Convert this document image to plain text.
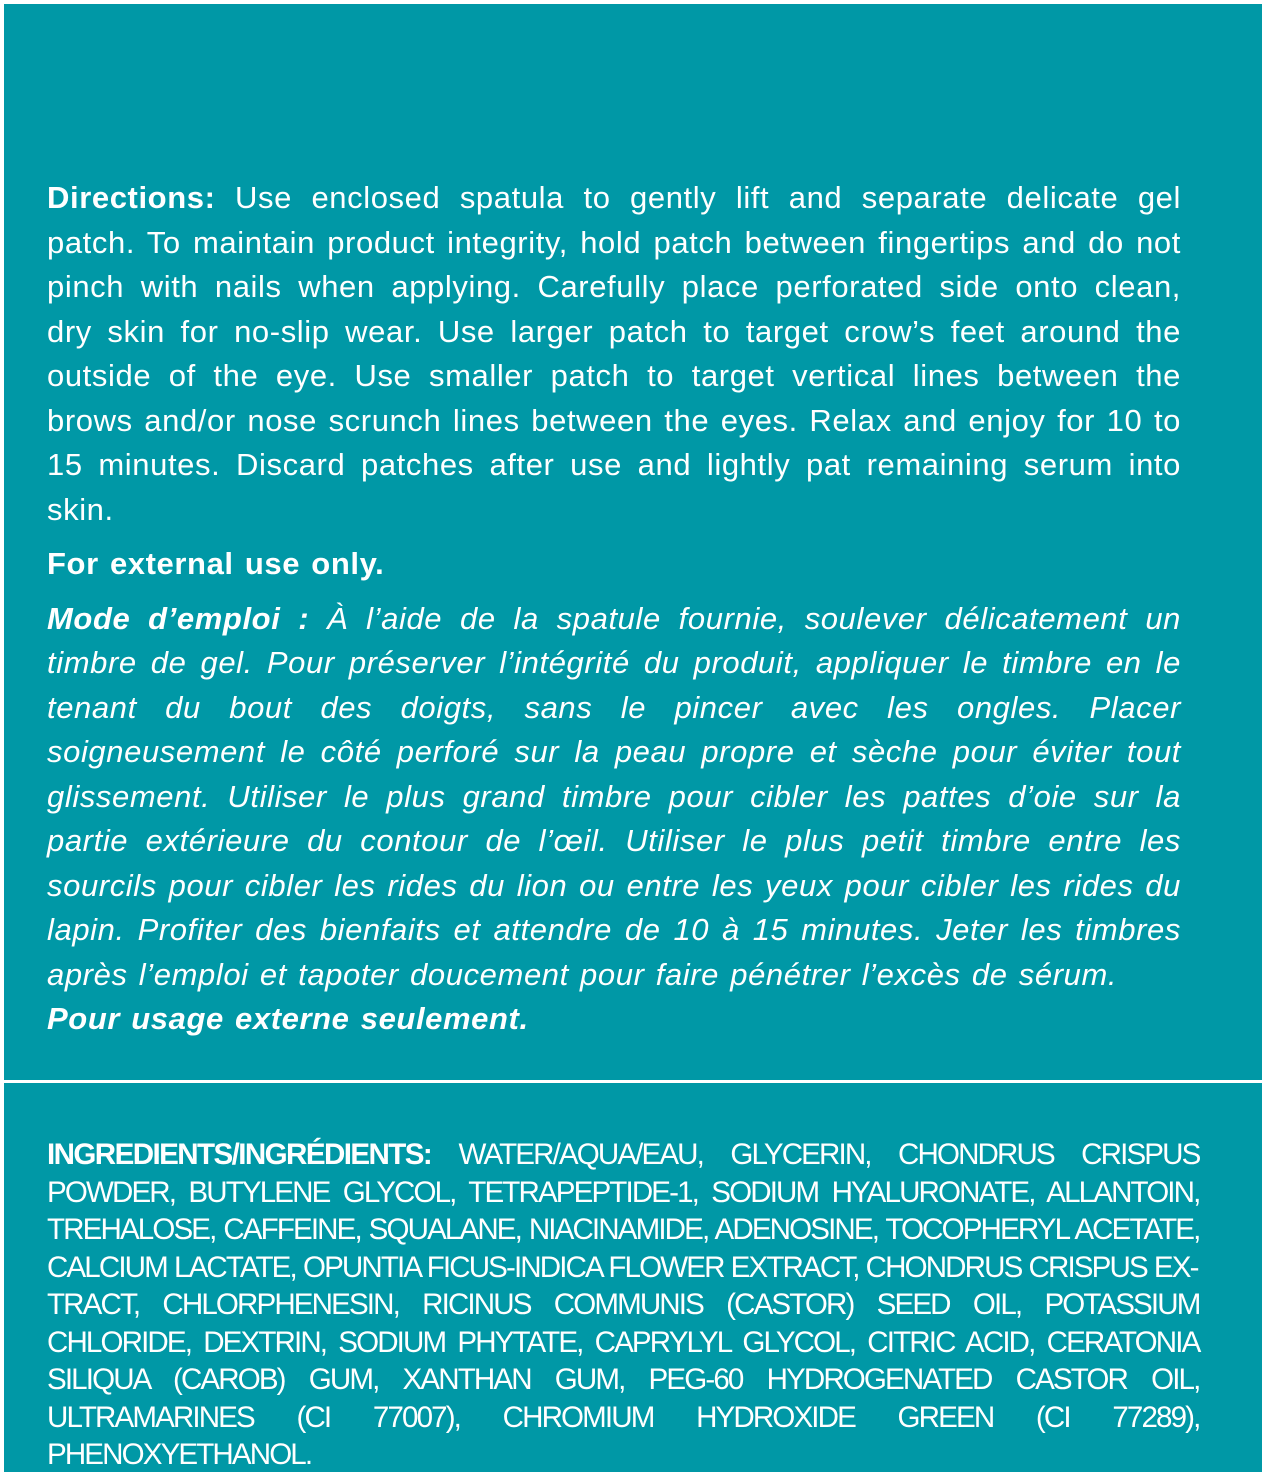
Directions: Use enclosed spatula to gently lift and separate delicate gel patch. To maintain product integrity, hold patch between fingertips and do not pinch with nails when applying. Carefully place perforated side onto clean, dry skin for no-slip wear. Use larger patch to target crow’s feet around the outside of the eye. Use smaller patch to target vertical lines between the brows and/or nose scrunch lines between the eyes. Relax and enjoy for 10 to 15 minutes. Discard patches after use and lightly pat remaining serum into skin.

For external use only.

Mode d’emploi : À l’aide de la spatule fournie, soulever délicatement un timbre de gel. Pour préserver l’intégrité du produit, appliquer le timbre en le tenant du bout des doigts, sans le pincer avec les ongles. Placer soigneusement le côté perforé sur la peau propre et sèche pour éviter tout glissement. Utiliser le plus grand timbre pour cibler les pattes d’oie sur la partie extérieure du contour de l’œil. Utiliser le plus petit timbre entre les sourcils pour cibler les rides du lion ou entre les yeux pour cibler les rides du lapin. Profiter des bienfaits et attendre de 10 à 15 minutes. Jeter les timbres après l’emploi et tapoter doucement pour faire pénétrer l’excès de sérum.

Pour usage externe seulement.

INGREDIENTS/INGRÉDIENTS: WATER/AQUA/EAU, GLYCERIN, CHONDRUS CRISPUS POWDER, BUTYLENE GLYCOL, TETRAPEPTIDE-1, SODIUM HYALURONATE, ALLANTOIN, TREHALOSE, CAFFEINE, SQUALANE, NIACINAMIDE, ADENOSINE, TOCOPHERYL ACETATE, CALCIUM LACTATE, OPUNTIA FICUS-INDICA FLOWER EXTRACT, CHONDRUS CRISPUS EXTRACT, CHLORPHENESIN, RICINUS COMMUNIS (CASTOR) SEED OIL, POTASSIUM CHLORIDE, DEXTRIN, SODIUM PHYTATE, CAPRYLYL GLYCOL, CITRIC ACID, CERATONIA SILIQUA (CAROB) GUM, XANTHAN GUM, PEG-60 HYDROGENATED CASTOR OIL, ULTRAMARINES (CI 77007), CHROMIUM HYDROXIDE GREEN (CI 77289), PHENOXYETHANOL.
